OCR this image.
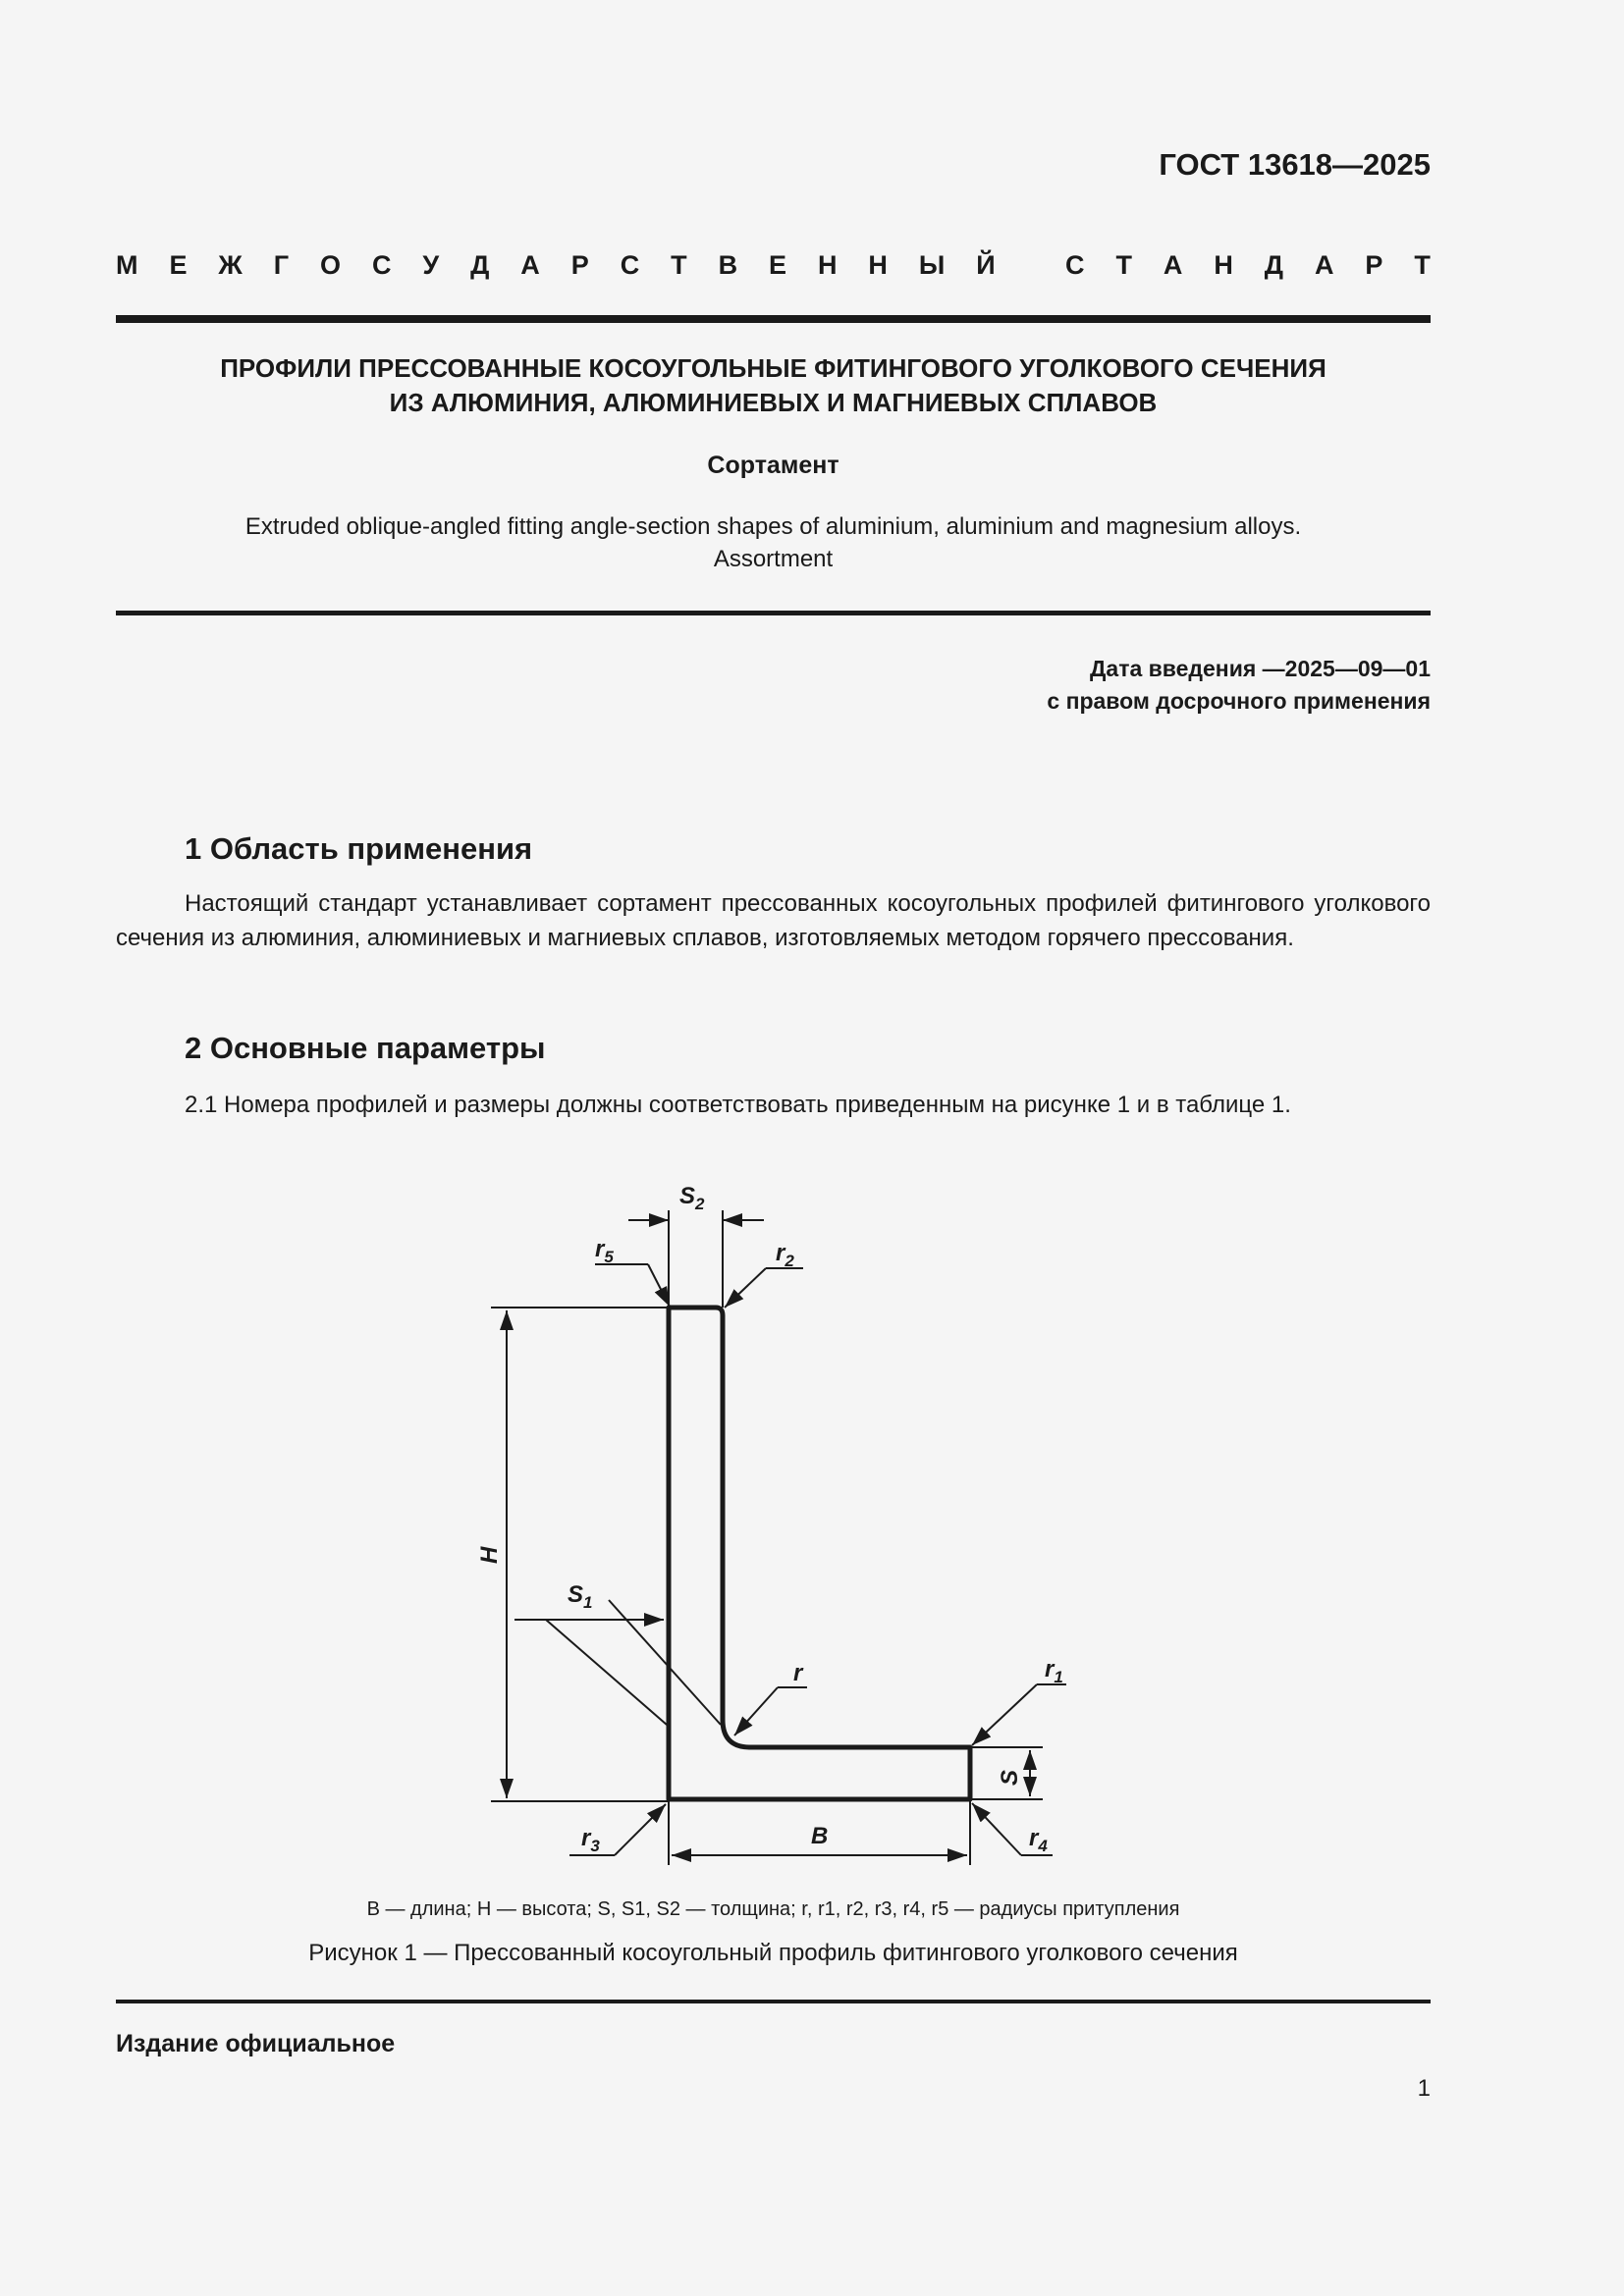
ГОСТ 13618—2025
М Е Ж Г О С У Д А Р С Т В Е Н Н Ы Й
	С Т А Н Д А Р Т
ПРОФИЛИ ПРЕССОВАННЫЕ КОСОУГОЛЬНЫЕ ФИТИНГОВОГО УГОЛКОВОГО СЕЧЕНИЯ
ИЗ АЛЮМИНИЯ, АЛЮМИНИЕВЫХ И МАГНИЕВЫХ СПЛАВОВ
Сортамент
Extruded oblique-angled fitting angle-section shapes of aluminium, aluminium and magnesium alloys.
Assortment
Дата введения —2025—09—01
с правом досрочного применения
1 Область применения
Настоящий стандарт устанавливает сортамент прессованных косоугольных профилей фитингового уголкового сечения из алюминия, алюминиевых и магниевых сплавов, изготовляемых методом горячего прессования.
2 Основные параметры
2.1 Номера профилей и размеры должны соответствовать приведенным на рисунке 1 и в таблице 1.
$S_2$
$r_5$	$r_2$
H
$S_1$
r	$r_1$
S
$r_3$	B	$r_4$
B — длина; H — высота; S, S1, S2 — толщина; r, r1, r2, r3, r4, r5 — радиусы притупления
Рисунок 1 — Прессованный косоугольный профиль фитингового уголкового сечения
Издание официальное
1
